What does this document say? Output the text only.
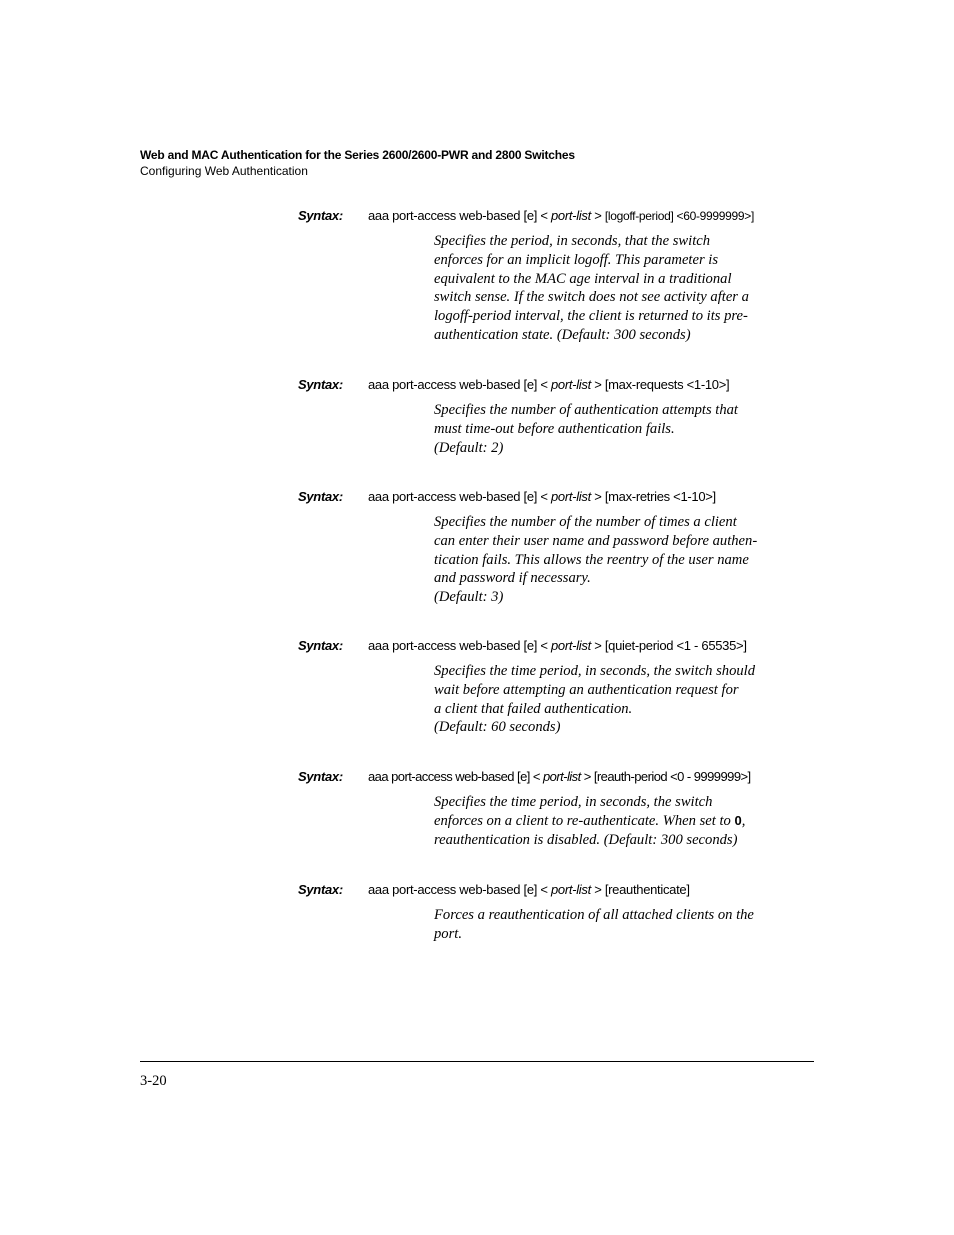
Web and MAC Authentication for the Series 2600/2600-PWR and 2800 Switches
Configuring Web Authentication
Syntax: aaa port-access web-based [e] < port-list > [logoff-period] <60-9999999>]
Specifies the period, in seconds, that the switch
enforces for an implicit logoff. This parameter is
equivalent to the MAC age interval in a traditional
switch sense. If the switch does not see activity after a
logoff-period interval, the client is returned to its pre-
authentication state. (Default: 300 seconds)
Syntax: aaa port-access web-based [e] < port-list > [max-requests <1-10>]
Specifies the number of authentication attempts that
must time-out before authentication fails.
(Default: 2)
Syntax: aaa port-access web-based [e] < port-list > [max-retries <1-10>]
Specifies the number of the number of times a client
can enter their user name and password before authen-
tication fails. This allows the reentry of the user name
and password if necessary.
(Default: 3)
Syntax: aaa port-access web-based [e] < port-list > [quiet-period <1 - 65535>]
Specifies the time period, in seconds, the switch should
wait before attempting an authentication request for
a client that failed authentication.
(Default: 60 seconds)
Syntax: aaa port-access web-based [e] < port-list > [reauth-period <0 - 9999999>]
Specifies the time period, in seconds, the switch
enforces on a client to re-authenticate. When set to 0,
reauthentication is disabled. (Default: 300 seconds)
Syntax: aaa port-access web-based [e] < port-list > [reauthenticate]
Forces a reauthentication of all attached clients on the
port.
3-20
